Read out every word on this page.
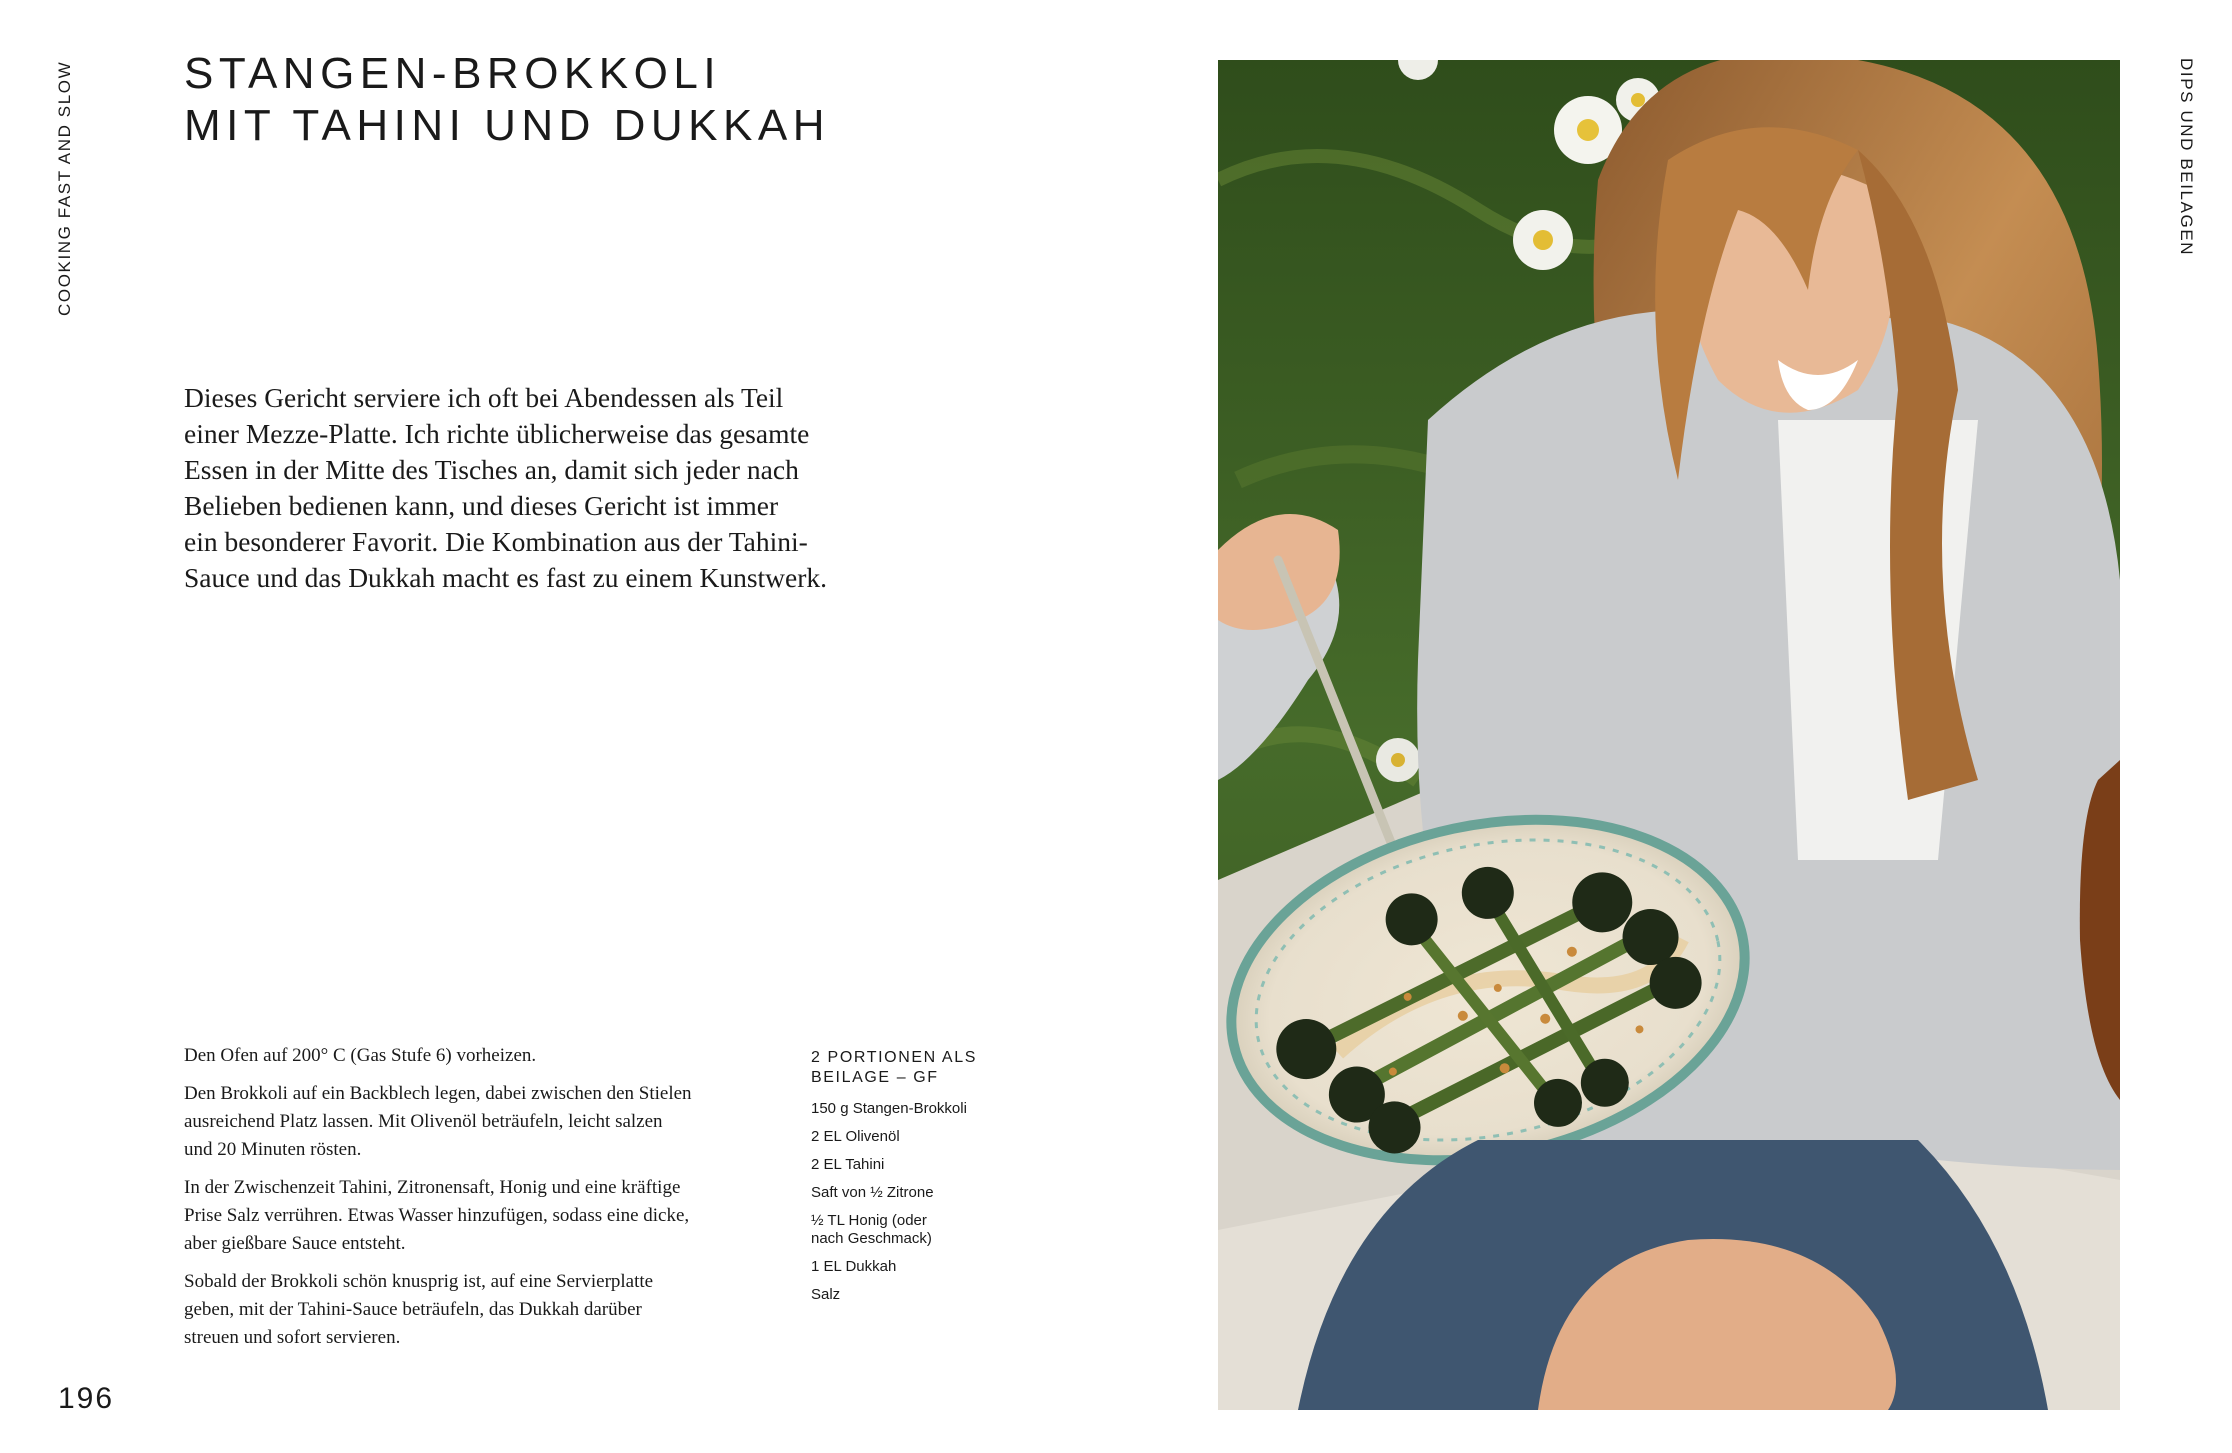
COOKING FAST AND SLOW	STANGEN-BROKKOLI
MIT TAHINI UND DUKKAH

Dieses Gericht serviere ich oft bei Abendessen als Teil
einer Mezze-Platte. Ich richte üblicherweise das gesamte
Essen in der Mitte des Tisches an, damit sich jeder nach
Belieben bedienen kann, und dieses Gericht ist immer
ein besonderer Favorit. Die Kombination aus der Tahini-
Sauce und das Dukkah macht es fast zu einem Kunstwerk.

Den Ofen auf 200° C (Gas Stufe 6) vorheizen.

Den Brokkoli auf ein Backblech legen, dabei zwischen den Stielen
ausreichend Platz lassen. Mit Olivenöl beträufeln, leicht salzen
und 20 Minuten rösten.

In der Zwischenzeit Tahini, Zitronensaft, Honig und eine kräftige
Prise Salz verrühren. Etwas Wasser hinzufügen, sodass eine dicke,
aber gießbare Sauce entsteht.

Sobald der Brokkoli schön knusprig ist, auf eine Servierplatte
geben, mit der Tahini-Sauce beträufeln, das Dukkah darüber
streuen und sofort servieren.

2 PORTIONEN ALS
BEILAGE – GF
150 g Stangen-Brokkoli
2 EL Olivenöl
2 EL Tahini
Saft von ½ Zitrone
½ TL Honig (oder
nach Geschmack)
1 EL Dukkah
Salz
196
DIPS UND BEILAGEN
